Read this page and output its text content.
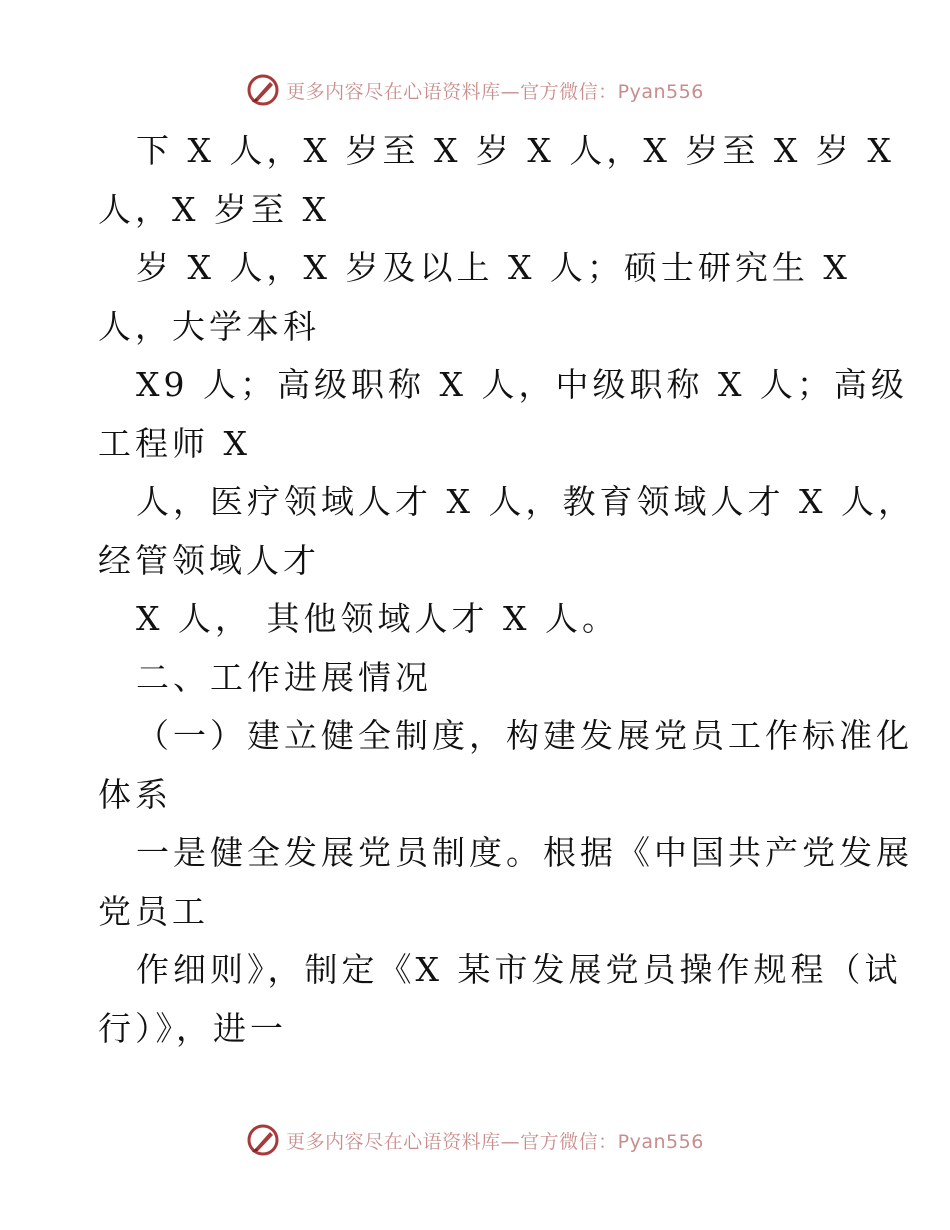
更多内容尽在心语资料库—官方微信：Pyan556
下 X 人，X 岁至 X 岁 X 人，X 岁至 X 岁 X
人，X 岁至 X
岁 X 人，X 岁及以上 X 人；硕士研究生 X
人，大学本科
X9 人；高级职称 X 人，中级职称 X 人；高级
工程师 X
人，医疗领域人才 X 人，教育领域人才 X 人，
经管领域人才
X 人， 其他领域人才 X 人。
二、工作进展情况
（一）建立健全制度，构建发展党员工作标准化
体系
一是健全发展党员制度。根据《中国共产党发展
党员工
作细则》，制定《X 某市发展党员操作规程（试
行）》，进一
更多内容尽在心语资料库—官方微信：Pyan556
